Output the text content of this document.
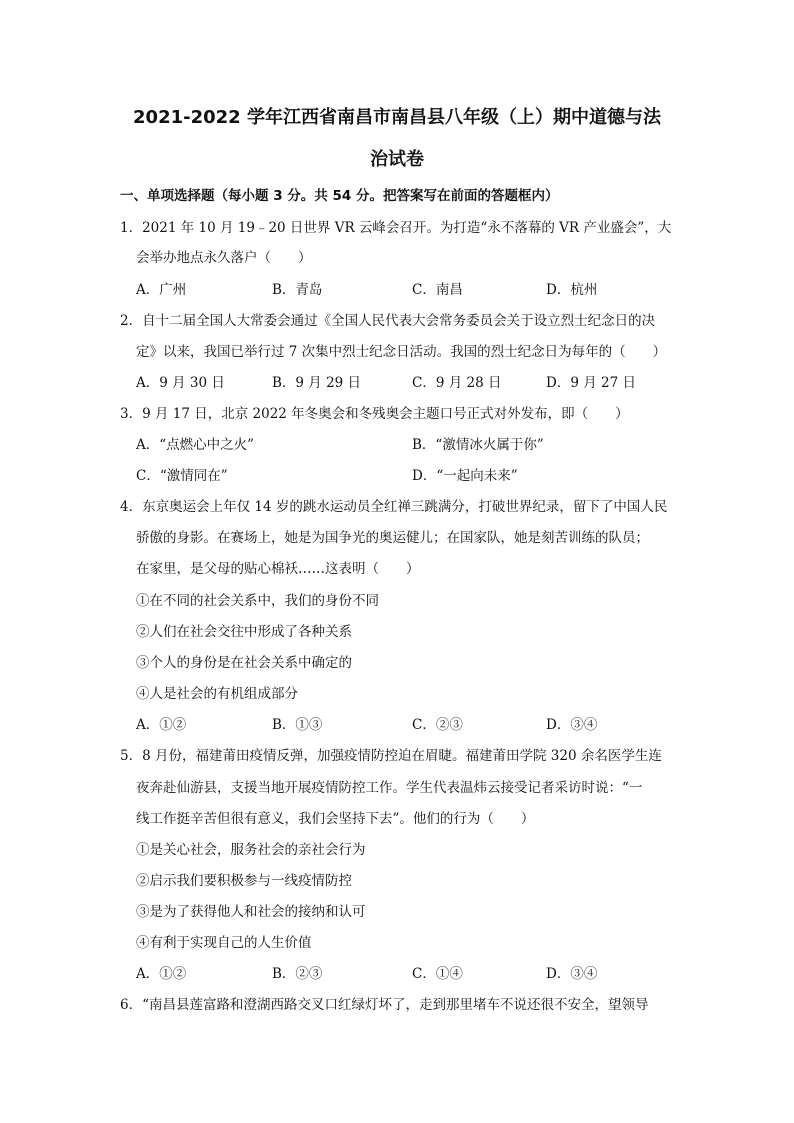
2021-2022 学年江西省南昌市南昌县八年级（上）期中道德与法
治试卷
一、单项选择题（每小题 3 分。共 54 分。把答案写在前面的答题框内）
1．2021 年 10 月 19﹣20 日世界 VR 云峰会召开。为打造“永不落幕的 VR 产业盛会”，大
会举办地点永久落户（　　）
A．广州	B．青岛	C．南昌	D．杭州
2．自十二届全国人大常委会通过《全国人民代表大会常务委员会关于设立烈士纪念日的决
定》以来，我国已举行过 7 次集中烈士纪念日活动。我国的烈士纪念日为每年的（　　）
A．9 月 30 日	B．9 月 29 日	C．9 月 28 日	D．9 月 27 日
3．9 月 17 日，北京 2022 年冬奥会和冬残奥会主题口号正式对外发布，即（　　）
A．“点燃心中之火”	B．“激情冰火属于你”
C．“激情同在”	D．“一起向未来”
4．东京奥运会上年仅 14 岁的跳水运动员全红禅三跳满分，打破世界纪录，留下了中国人民
骄傲的身影。在赛场上，她是为国争光的奥运健儿；在国家队，她是刻苦训练的队员；
在家里，是父母的贴心棉袄……这表明（　　）
①在不同的社会关系中，我们的身份不同
②人们在社会交往中形成了各种关系
③个人的身份是在社会关系中确定的
④人是社会的有机组成部分
A．①②	B．①③	C．②③	D．③④
5．8 月份，福建莆田疫情反弹，加强疫情防控迫在眉睫。福建莆田学院 320 余名医学生连
夜奔赴仙游县，支援当地开展疫情防控工作。学生代表温炜云接受记者采访时说：“一
线工作挺辛苦但很有意义，我们会坚持下去”。他们的行为（　　）
①是关心社会，服务社会的亲社会行为
②启示我们要积极参与一线疫情防控
③是为了获得他人和社会的接纳和认可
④有利于实现自己的人生价值
A．①②	B．②③	C．①④	D．③④
6．“南昌县莲富路和澄湖西路交叉口红绿灯坏了，走到那里堵车不说还很不安全，望领导
